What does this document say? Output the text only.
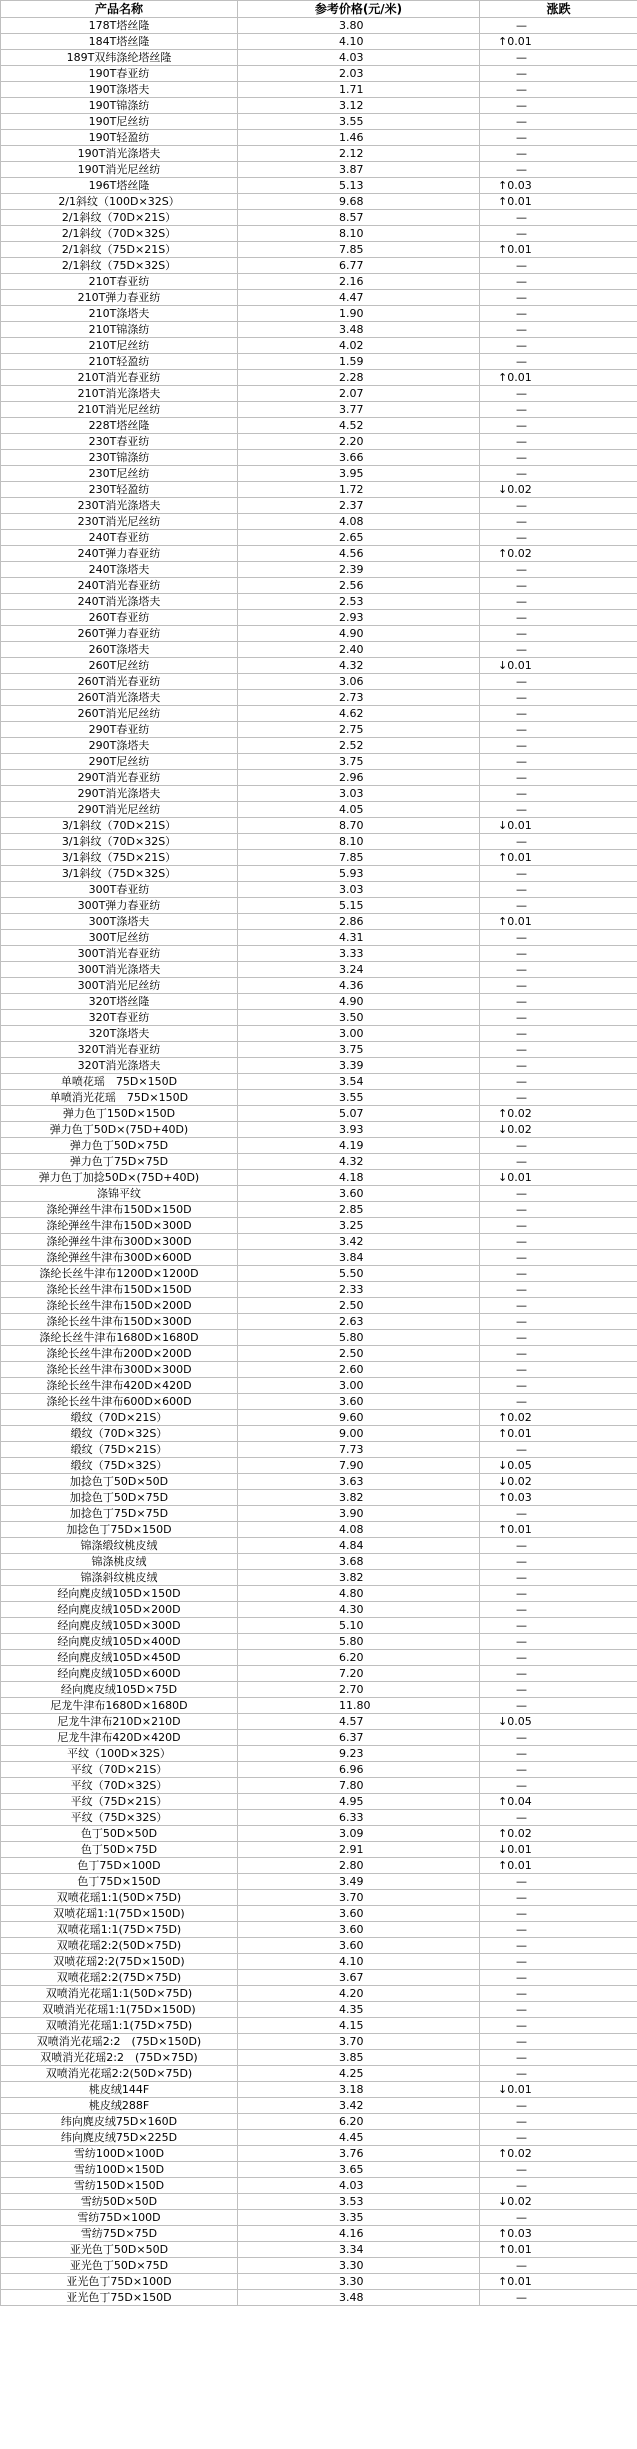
产品名称	参考价格(元/米)	涨跌
178T塔丝隆	3.80	—
184T塔丝隆	4.10	↑0.01
189T双纬涤纶塔丝隆	4.03	—
190T春亚纺	2.03	—
190T涤塔夫	1.71	—
190T锦涤纺	3.12	—
190T尼丝纺	3.55	—
190T轻盈纺	1.46	—
190T消光涤塔夫	2.12	—
190T消光尼丝纺	3.87	—
196T塔丝隆	5.13	↑0.03
2/1斜纹（100D×32S）	9.68	↑0.01
2/1斜纹（70D×21S）	8.57	—
2/1斜纹（70D×32S）	8.10	—
2/1斜纹（75D×21S）	7.85	↑0.01
2/1斜纹（75D×32S）	6.77	—
210T春亚纺	2.16	—
210T弹力春亚纺	4.47	—
210T涤塔夫	1.90	—
210T锦涤纺	3.48	—
210T尼丝纺	4.02	—
210T轻盈纺	1.59	—
210T消光春亚纺	2.28	↑0.01
210T消光涤塔夫	2.07	—
210T消光尼丝纺	3.77	—
228T塔丝隆	4.52	—
230T春亚纺	2.20	—
230T锦涤纺	3.66	—
230T尼丝纺	3.95	—
230T轻盈纺	1.72	↓0.02
230T消光涤塔夫	2.37	—
230T消光尼丝纺	4.08	—
240T春亚纺	2.65	—
240T弹力春亚纺	4.56	↑0.02
240T涤塔夫	2.39	—
240T消光春亚纺	2.56	—
240T消光涤塔夫	2.53	—
260T春亚纺	2.93	—
260T弹力春亚纺	4.90	—
260T涤塔夫	2.40	—
260T尼丝纺	4.32	↓0.01
260T消光春亚纺	3.06	—
260T消光涤塔夫	2.73	—
260T消光尼丝纺	4.62	—
290T春亚纺	2.75	—
290T涤塔夫	2.52	—
290T尼丝纺	3.75	—
290T消光春亚纺	2.96	—
290T消光涤塔夫	3.03	—
290T消光尼丝纺	4.05	—
3/1斜纹（70D×21S）	8.70	↓0.01
3/1斜纹（70D×32S）	8.10	—
3/1斜纹（75D×21S）	7.85	↑0.01
3/1斜纹（75D×32S）	5.93	—
300T春亚纺	3.03	—
300T弹力春亚纺	5.15	—
300T涤塔夫	2.86	↑0.01
300T尼丝纺	4.31	—
300T消光春亚纺	3.33	—
300T消光涤塔夫	3.24	—
300T消光尼丝纺	4.36	—
320T塔丝隆	4.90	—
320T春亚纺	3.50	—
320T涤塔夫	3.00	—
320T消光春亚纺	3.75	—
320T消光涤塔夫	3.39	—
单喷花瑶　75D×150D	3.54	—
单喷消光花瑶　75D×150D	3.55	—
弹力色丁150D×150D	5.07	↑0.02
弹力色丁50D×(75D+40D)	3.93	↓0.02
弹力色丁50D×75D	4.19	—
弹力色丁75D×75D	4.32	—
弹力色丁加捻50D×(75D+40D)	4.18	↓0.01
涤锦平纹	3.60	—
涤纶弹丝牛津布150D×150D	2.85	—
涤纶弹丝牛津布150D×300D	3.25	—
涤纶弹丝牛津布300D×300D	3.42	—
涤纶弹丝牛津布300D×600D	3.84	—
涤纶长丝牛津布1200D×1200D	5.50	—
涤纶长丝牛津布150D×150D	2.33	—
涤纶长丝牛津布150D×200D	2.50	—
涤纶长丝牛津布150D×300D	2.63	—
涤纶长丝牛津布1680D×1680D	5.80	—
涤纶长丝牛津布200D×200D	2.50	—
涤纶长丝牛津布300D×300D	2.60	—
涤纶长丝牛津布420D×420D	3.00	—
涤纶长丝牛津布600D×600D	3.60	—
缎纹（70D×21S）	9.60	↑0.02
缎纹（70D×32S）	9.00	↑0.01
缎纹（75D×21S）	7.73	—
缎纹（75D×32S）	7.90	↓0.05
加捻色丁50D×50D	3.63	↓0.02
加捻色丁50D×75D	3.82	↑0.03
加捻色丁75D×75D	3.90	—
加捻色丁75D×150D	4.08	↑0.01
锦涤缎纹桃皮绒	4.84	—
锦涤桃皮绒	3.68	—
锦涤斜纹桃皮绒	3.82	—
经向麂皮绒105D×150D	4.80	—
经向麂皮绒105D×200D	4.30	—
经向麂皮绒105D×300D	5.10	—
经向麂皮绒105D×400D	5.80	—
经向麂皮绒105D×450D	6.20	—
经向麂皮绒105D×600D	7.20	—
经向麂皮绒105D×75D	2.70	—
尼龙牛津布1680D×1680D	11.80	—
尼龙牛津布210D×210D	4.57	↓0.05
尼龙牛津布420D×420D	6.37	—
平纹（100D×32S）	9.23	—
平纹（70D×21S）	6.96	—
平纹（70D×32S）	7.80	—
平纹（75D×21S）	4.95	↑0.04
平纹（75D×32S）	6.33	—
色丁50D×50D	3.09	↑0.02
色丁50D×75D	2.91	↓0.01
色丁75D×100D	2.80	↑0.01
色丁75D×150D	3.49	—
双喷花瑶1:1(50D×75D)	3.70	—
双喷花瑶1:1(75D×150D)	3.60	—
双喷花瑶1:1(75D×75D)	3.60	—
双喷花瑶2:2(50D×75D)	3.60	—
双喷花瑶2:2(75D×150D)	4.10	—
双喷花瑶2:2(75D×75D)	3.67	—
双喷消光花瑶1:1(50D×75D)	4.20	—
双喷消光花瑶1:1(75D×150D)	4.35	—
双喷消光花瑶1:1(75D×75D)	4.15	—
双喷消光花瑶2:2　(75D×150D)	3.70	—
双喷消光花瑶2:2　(75D×75D)	3.85	—
双喷消光花瑶2:2(50D×75D)	4.25	—
桃皮绒144F	3.18	↓0.01
桃皮绒288F	3.42	—
纬向麂皮绒75D×160D	6.20	—
纬向麂皮绒75D×225D	4.45	—
雪纺100D×100D	3.76	↑0.02
雪纺100D×150D	3.65	—
雪纺150D×150D	4.03	—
雪纺50D×50D	3.53	↓0.02
雪纺75D×100D	3.35	—
雪纺75D×75D	4.16	↑0.03
亚光色丁50D×50D	3.34	↑0.01
亚光色丁50D×75D	3.30	—
亚光色丁75D×100D	3.30	↑0.01
亚光色丁75D×150D	3.48	—
